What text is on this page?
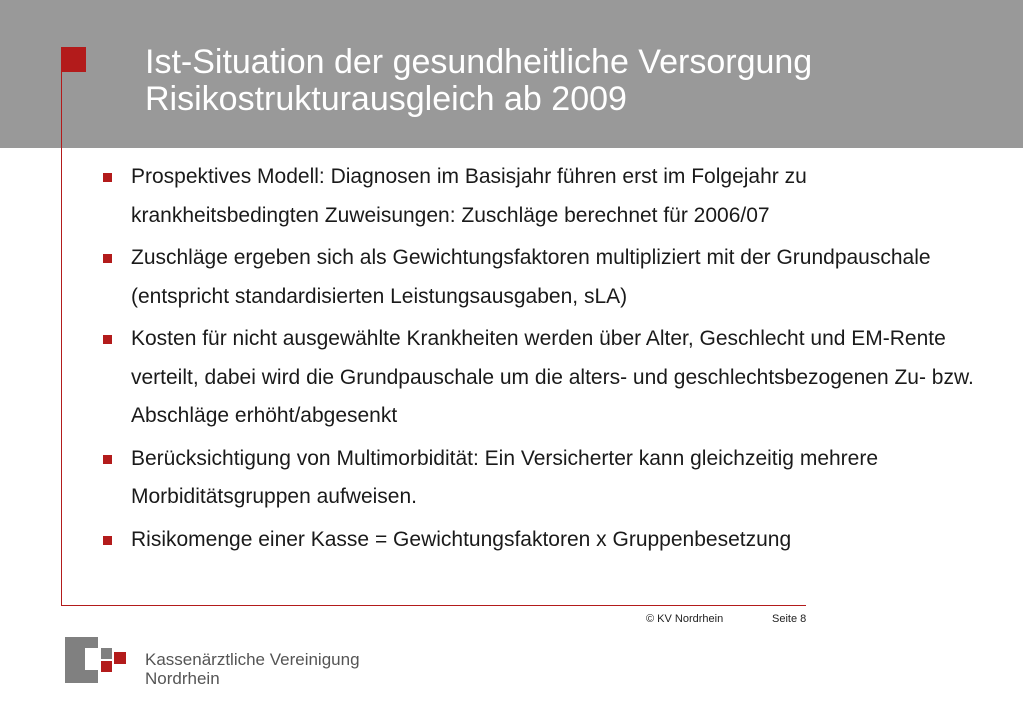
Ist-Situation der gesundheitliche Versorgung
Risikostrukturausgleich ab 2009
Prospektives Modell: Diagnosen im Basisjahr führen erst im Folgejahr zu krankheitsbedingten Zuweisungen: Zuschläge berechnet für 2006/07
Zuschläge ergeben sich als Gewichtungsfaktoren multipliziert mit der Grundpauschale (entspricht standardisierten Leistungsausgaben, sLA)
Kosten für nicht ausgewählte Krankheiten werden über Alter, Geschlecht und EM-Rente verteilt, dabei wird die Grundpauschale um die alters- und geschlechtsbezogenen Zu- bzw. Abschläge erhöht/abgesenkt
Berücksichtigung von Multimorbidität: Ein Versicherter kann gleichzeitig mehrere Morbiditätsgruppen aufweisen.
Risikomenge einer Kasse = Gewichtungsfaktoren x Gruppenbesetzung
© KV Nordrhein	Seite 8
Kassenärztliche Vereinigung
Nordrhein
